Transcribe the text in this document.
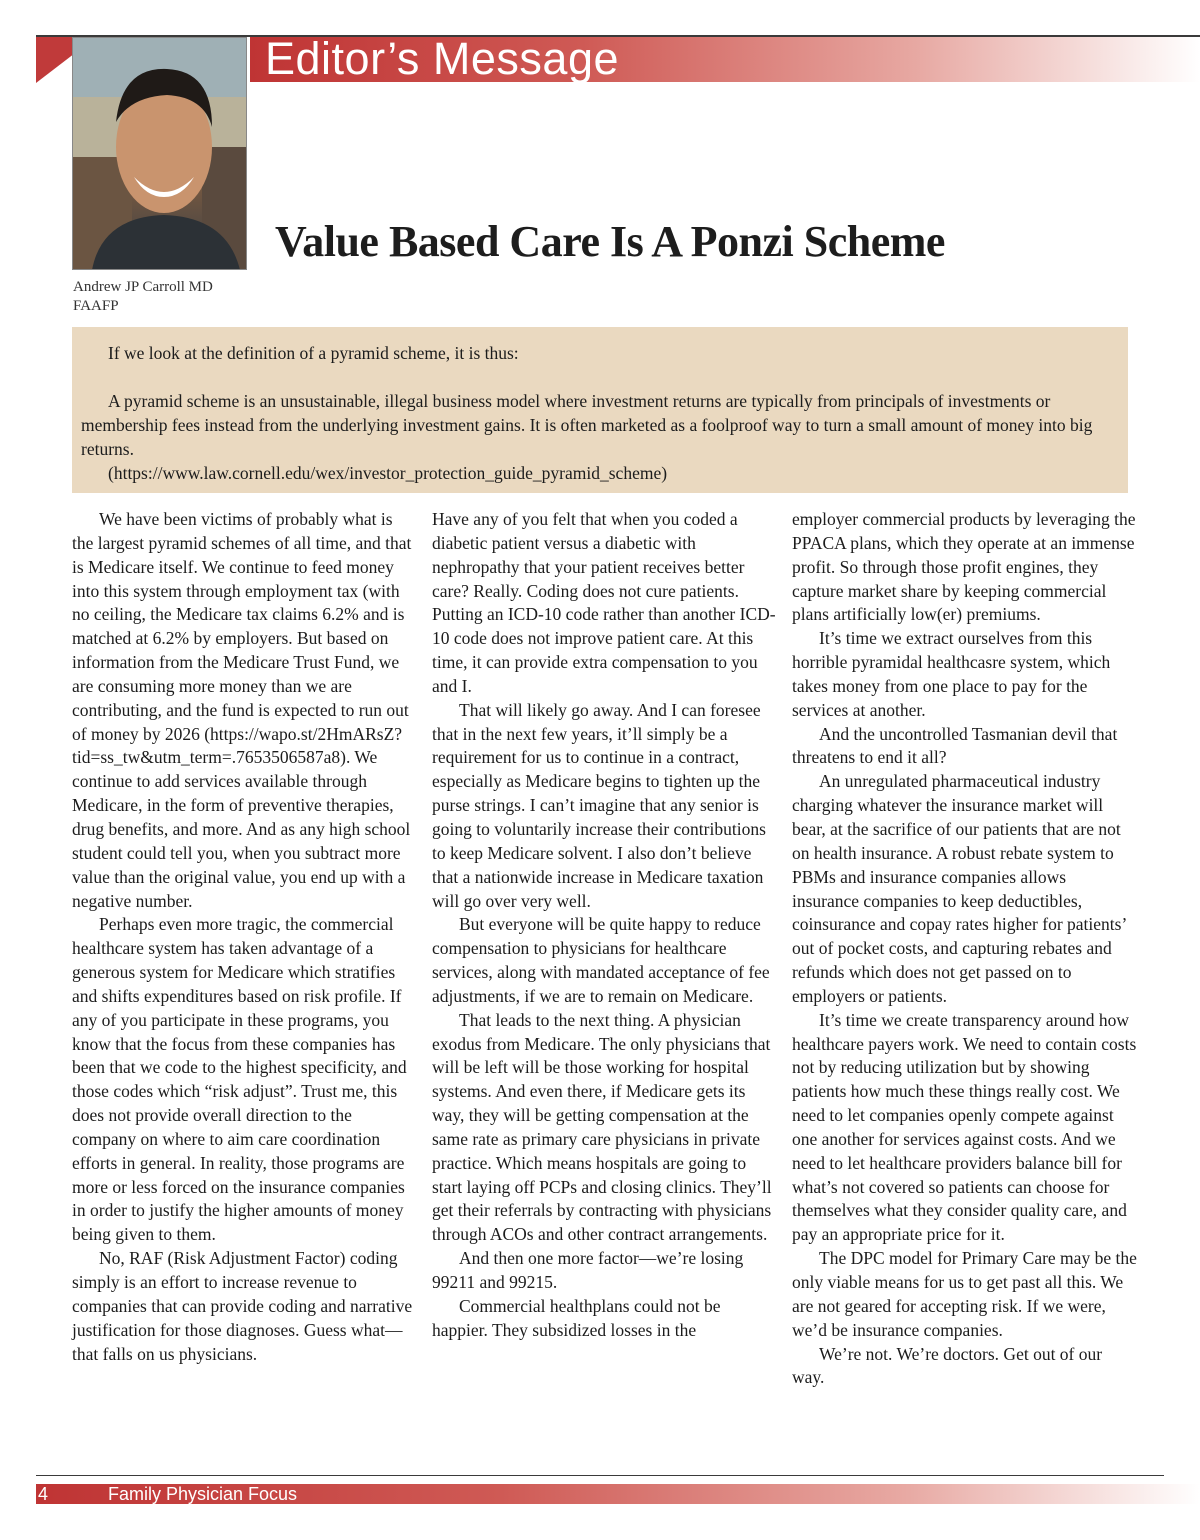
Editor’s Message
Andrew JP Carroll MD
FAAFP
Value Based Care Is A Ponzi Scheme

If we look at the definition of a pyramid scheme, it is thus:

A pyramid scheme is an unsustainable, illegal business model where investment returns are typically from principals of investments or membership fees instead from the underlying investment gains. It is often marketed as a foolproof way to turn a small amount of money into big returns.

(https://www.law.cornell.edu/wex/investor_protection_guide_pyramid_scheme)

We have been victims of probably what is the largest pyramid schemes of all time, and that is Medicare itself. We continue to feed money into this system through employment tax (with no ceiling, the Medicare tax claims 6.2% and is matched at 6.2% by employers. But based on information from the Medicare Trust Fund, we are consuming more money than we are contributing, and the fund is expected to run out of money by 2026 (https://wapo.st/2HmARsZ?tid=ss_tw&utm_term=.7653506587a8). We continue to add services available through Medicare, in the form of preventive therapies, drug benefits, and more. And as any high school student could tell you, when you subtract more value than the original value, you end up with a negative number.

Perhaps even more tragic, the commercial healthcare system has taken advantage of a generous system for Medicare which stratifies and shifts expenditures based on risk profile. If any of you participate in these programs, you know that the focus from these companies has been that we code to the highest specificity, and those codes which “risk adjust”. Trust me, this does not provide overall direction to the company on where to aim care coordination efforts in general. In reality, those programs are more or less forced on the insurance companies in order to justify the higher amounts of money being given to them.

No, RAF (Risk Adjustment Factor) coding simply is an effort to increase revenue to companies that can provide coding and narrative justification for those diagnoses. Guess what—that falls on us physicians.

Have any of you felt that when you coded a diabetic patient versus a diabetic with nephropathy that your patient receives better care? Really. Coding does not cure patients. Putting an ICD-10 code rather than another ICD-10 code does not improve patient care. At this time, it can provide extra compensation to you and I.

That will likely go away. And I can foresee that in the next few years, it’ll simply be a requirement for us to continue in a contract, especially as Medicare begins to tighten up the purse strings. I can’t imagine that any senior is going to voluntarily increase their contributions to keep Medicare solvent. I also don’t believe that a nationwide increase in Medicare taxation will go over very well.

But everyone will be quite happy to reduce compensation to physicians for healthcare services, along with mandated acceptance of fee adjustments, if we are to remain on Medicare.

That leads to the next thing. A physician exodus from Medicare. The only physicians that will be left will be those working for hospital systems. And even there, if Medicare gets its way, they will be getting compensation at the same rate as primary care physicians in private practice. Which means hospitals are going to start laying off PCPs and closing clinics. They’ll get their referrals by contracting with physicians through ACOs and other contract arrangements.

And then one more factor—we’re losing 99211 and 99215.

Commercial healthplans could not be happier. They subsidized losses in the

employer commercial products by leveraging the PPACA plans, which they operate at an immense profit. So through those profit engines, they capture market share by keeping commercial plans artificially low(er) premiums.

It’s time we extract ourselves from this horrible pyramidal healthcasre system, which takes money from one place to pay for the services at another.

And the uncontrolled Tasmanian devil that threatens to end it all?

An unregulated pharmaceutical industry charging whatever the insurance market will bear, at the sacrifice of our patients that are not on health insurance. A robust rebate system to PBMs and insurance companies allows insurance companies to keep deductibles, coinsurance and copay rates higher for patients’ out of pocket costs, and capturing rebates and refunds which does not get passed on to employers or patients.

It’s time we create transparency around how healthcare payers work. We need to contain costs not by reducing utilization but by showing patients how much these things really cost. We need to let companies openly compete against one another for services against costs. And we need to let healthcare providers balance bill for what’s not covered so patients can choose for themselves what they consider quality care, and pay an appropriate price for it.

The DPC model for Primary Care may be the only viable means for us to get past all this. We are not geared for accepting risk. If we were, we’d be insurance companies.

We’re not. We’re doctors. Get out of our way.

4	Family Physician Focus
